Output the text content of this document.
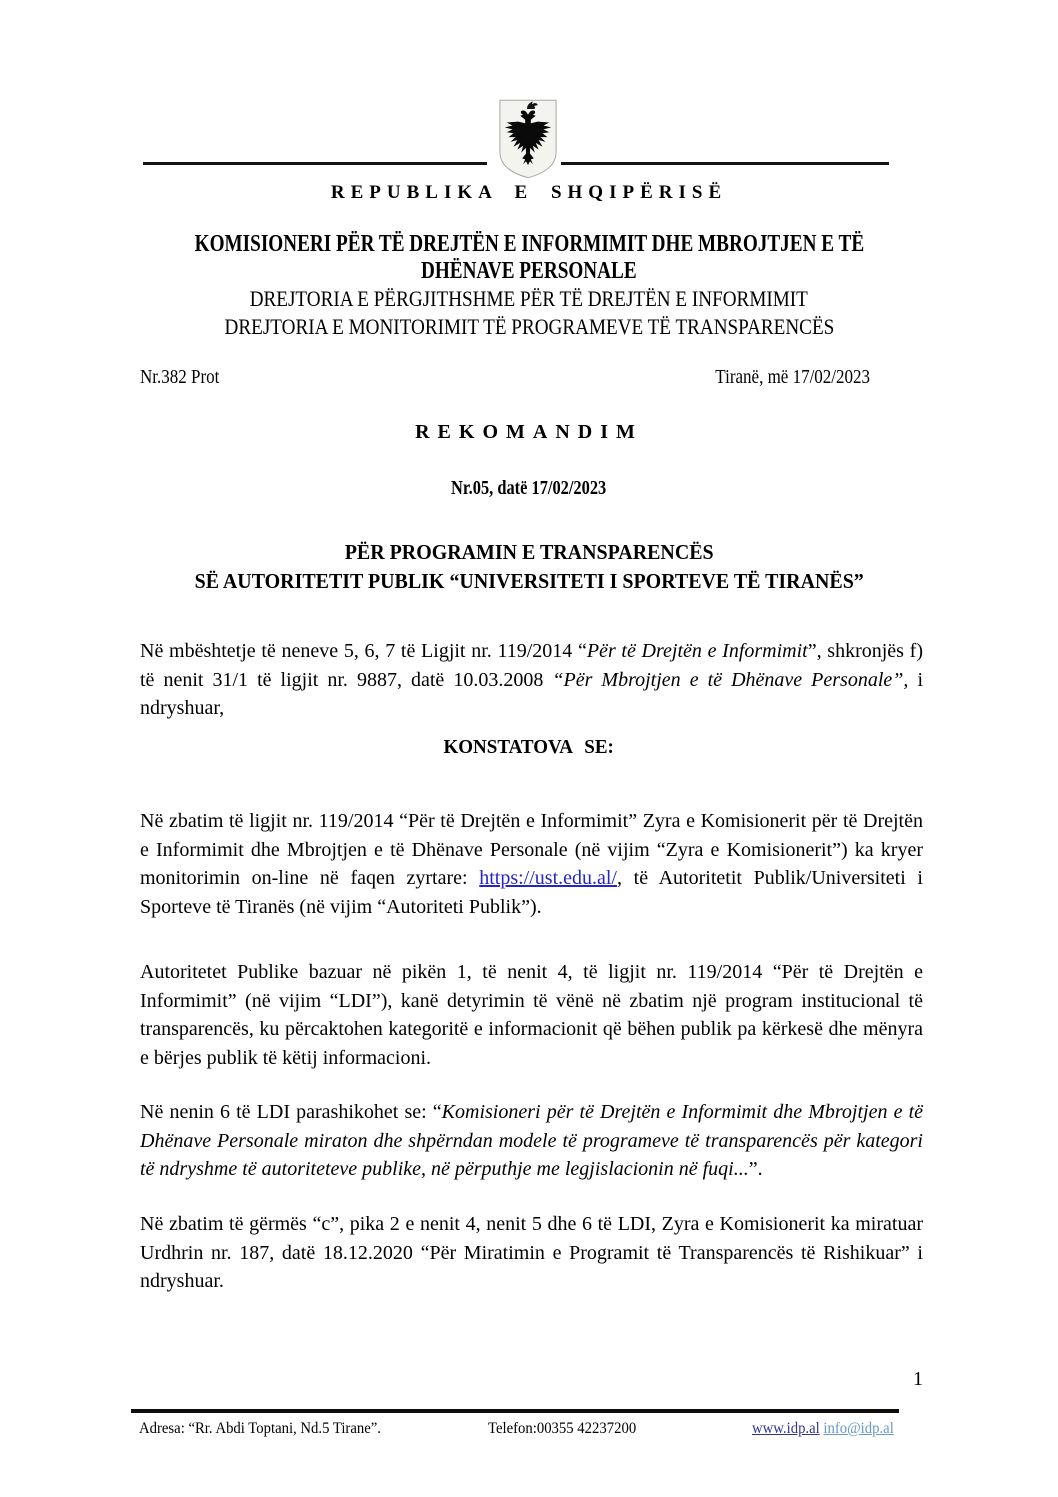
REPUBLIKA E SHQIPËRISË
KOMISIONERI PËR TË DREJTËN E INFORMIMIT DHE MBROJTJEN E TË
DHËNAVE PERSONALE
DREJTORIA E PËRGJITHSHME PËR TË DREJTËN E INFORMIMIT
DREJTORIA E MONITORIMIT TË PROGRAMEVE TË TRANSPARENCËS
Nr.382 Prot	Tiranë, më 17/02/2023
REKOMANDIM
Nr.05, datë 17/02/2023
PËR PROGRAMIN E TRANSPARENCËS
SË AUTORITETIT PUBLIK “UNIVERSITETI I SPORTEVE TË TIRANËS”

Në mbështetje të neneve 5, 6, 7 të Ligjit nr. 119/2014 “Për të Drejtën e Informimit”, shkronjës f) të nenit 31/1 të ligjit nr. 9887, datë 10.03.2008 “Për Mbrojtjen e të Dhënave Personale”, i ndryshuar,

KONSTATOVA SE:

Në zbatim të ligjit nr. 119/2014 “Për të Drejtën e Informimit” Zyra e Komisionerit për të Drejtën e Informimit dhe Mbrojtjen e të Dhënave Personale (në vijim “Zyra e Komisionerit”) ka kryer monitorimin on-line në faqen zyrtare: https://ust.edu.al/, të Autoritetit Publik/Universiteti i Sporteve të Tiranës (në vijim “Autoriteti Publik”).

Autoritetet Publike bazuar në pikën 1, të nenit 4, të ligjit nr. 119/2014 “Për të Drejtën e Informimit” (në vijim “LDI”), kanë detyrimin të vënë në zbatim një program institucional të transparencës, ku përcaktohen kategoritë e informacionit që bëhen publik pa kërkesë dhe mënyra e bërjes publik të këtij informacioni.

Në nenin 6 të LDI parashikohet se: “Komisioneri për të Drejtën e Informimit dhe Mbrojtjen e të Dhënave Personale miraton dhe shpërndan modele të programeve të transparencës për kategori të ndryshme të autoriteteve publike, në përputhje me legjislacionin në fuqi...”.

Në zbatim të gërmës “c”, pika 2 e nenit 4, nenit 5 dhe 6 të LDI, Zyra e Komisionerit ka miratuar Urdhrin nr. 187, datë 18.12.2020 “Për Miratimin e Programit të Transparencës të Rishikuar” i ndryshuar.

1
Adresa: “Rr. Abdi Toptani, Nd.5 Tirane”.	Telefon:00355 42237200	www.idp.al info@idp.al
